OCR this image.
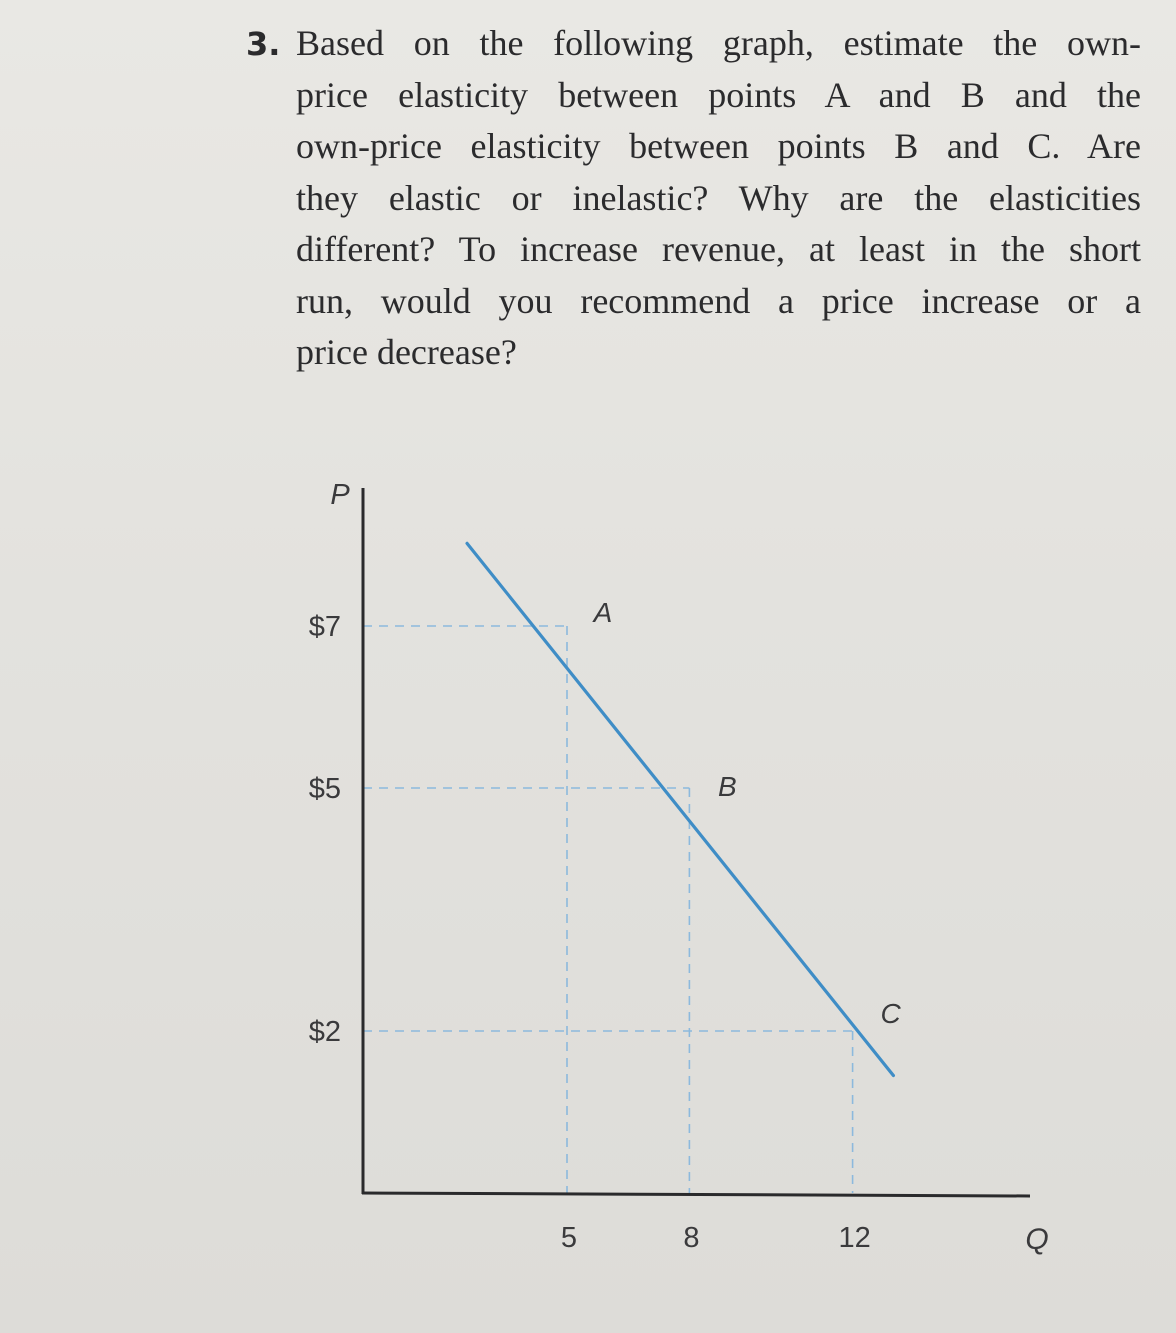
3. Based on the following graph, estimate the own-
price elasticity between points A and B and the
own-price elasticity between points B and C. Are
they elastic or inelastic? Why are the elasticities
different? To increase revenue, at least in the short
run, would you recommend a price increase or a
price decrease?

$7
$5
$2
5	8	12
P
Q
A
B
C
